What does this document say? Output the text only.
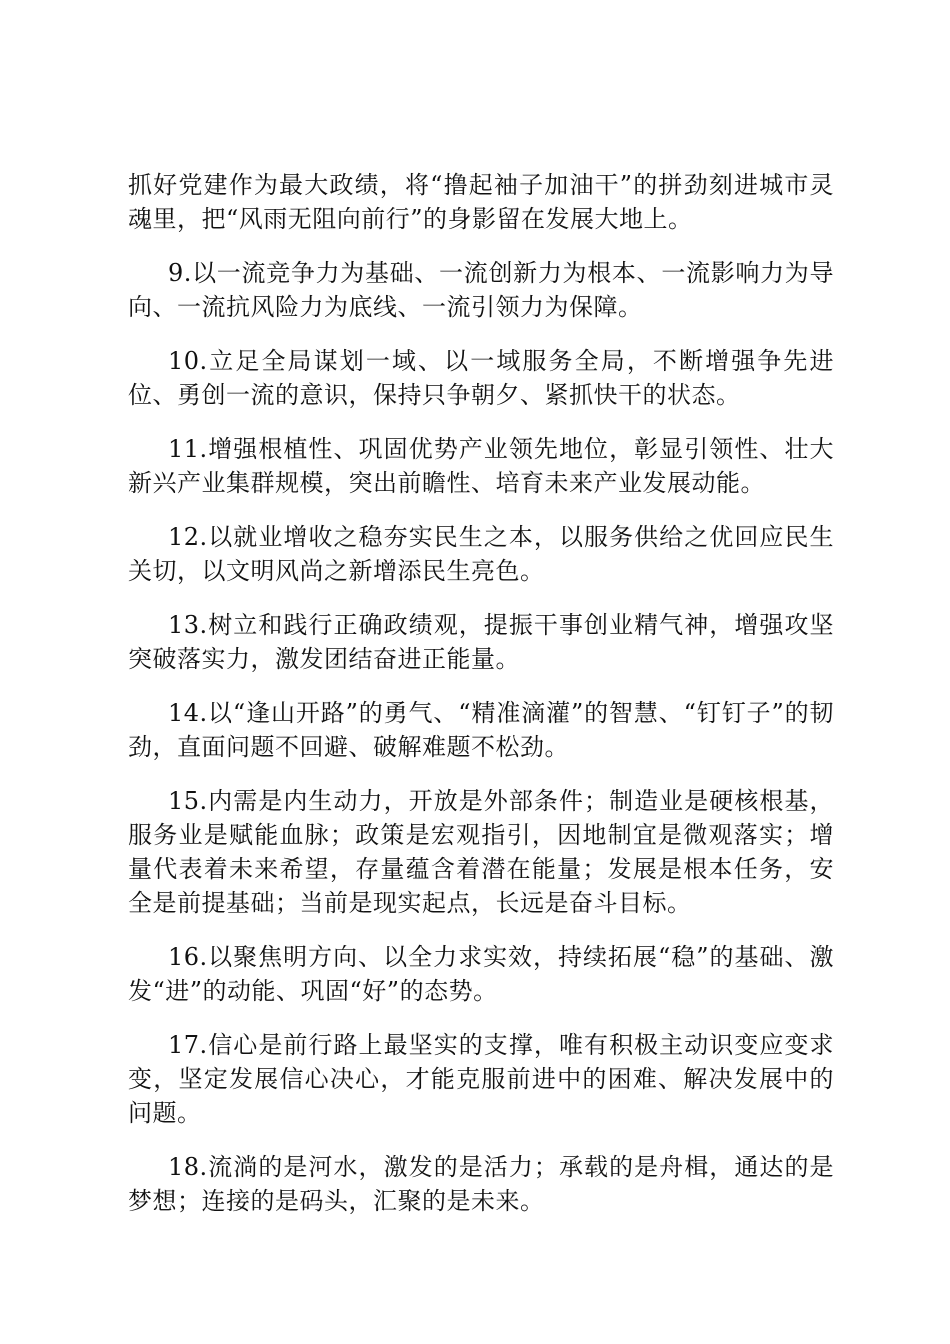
抓好党建作为最大政绩，将“撸起袖子加油干”的拼劲刻进城市灵魂里，把“风雨无阻向前行”的身影留在发展大地上。

9.以一流竞争力为基础、一流创新力为根本、一流影响力为导向、一流抗风险力为底线、一流引领力为保障。

10.立足全局谋划一域、以一域服务全局，不断增强争先进位、勇创一流的意识，保持只争朝夕、紧抓快干的状态。

11.增强根植性、巩固优势产业领先地位，彰显引领性、壮大新兴产业集群规模，突出前瞻性、培育未来产业发展动能。

12.以就业增收之稳夯实民生之本，以服务供给之优回应民生关切，以文明风尚之新增添民生亮色。

13.树立和践行正确政绩观，提振干事创业精气神，增强攻坚突破落实力，激发团结奋进正能量。

14.以“逢山开路”的勇气、“精准滴灌”的智慧、“钉钉子”的韧劲，直面问题不回避、破解难题不松劲。

15.内需是内生动力，开放是外部条件；制造业是硬核根基，服务业是赋能血脉；政策是宏观指引，因地制宜是微观落实；增量代表着未来希望，存量蕴含着潜在能量；发展是根本任务，安全是前提基础；当前是现实起点，长远是奋斗目标。

16.以聚焦明方向、以全力求实效，持续拓展“稳”的基础、激发“进”的动能、巩固“好”的态势。

17.信心是前行路上最坚实的支撑，唯有积极主动识变应变求变，坚定发展信心决心，才能克服前进中的困难、解决发展中的问题。

18.流淌的是河水，激发的是活力；承载的是舟楫，通达的是梦想；连接的是码头，汇聚的是未来。
